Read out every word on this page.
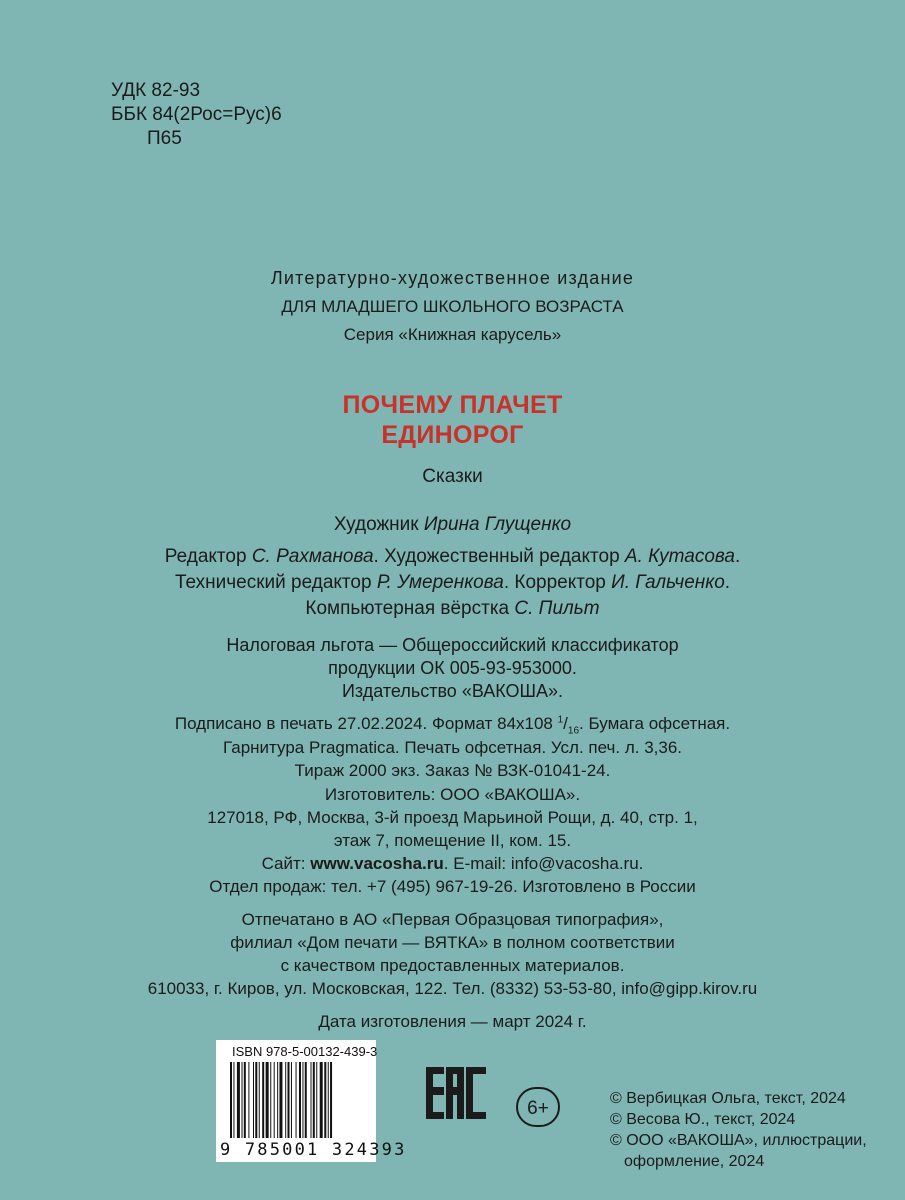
УДК 82-93
ББК 84(2Рос=Рус)6
П65
Литературно-художественное издание
ДЛЯ МЛАДШЕГО ШКОЛЬНОГО ВОЗРАСТА
Серия «Книжная карусель»
ПОЧЕМУ ПЛАЧЕТ
ЕДИНОРОГ
Сказки
Художник Ирина Глущенко
Редактор С. Рахманова. Художественный редактор А. Кутасова.
Технический редактор Р. Умеренкова. Корректор И. Гальченко.
Компьютерная вёрстка С. Пильт
Налоговая льгота — Общероссийский классификатор
продукции ОК 005-93-953000.
Издательство «ВАКОША».
Подписано в печать 27.02.2024. Формат 84х108 $^1/_{16}$. Бумага офсетная.
Гарнитура Pragmatica. Печать офсетная. Усл. печ. л. 3,36.
Тираж 2000 экз. Заказ № ВЗК-01041-24.
Изготовитель: ООО «ВАКОША».
127018, РФ, Москва, 3-й проезд Марьиной Рощи, д. 40, стр. 1,
этаж 7, помещение II, ком. 15.
Сайт: www.vacosha.ru. E-mail: info@vacosha.ru.
Отдел продаж: тел. +7 (495) 967-19-26. Изготовлено в России
Отпечатано в АО «Первая Образцовая типография»,
филиал «Дом печати — ВЯТКА» в полном соответствии
с качеством предоставленных материалов.
610033, г. Киров, ул. Московская, 122. Тел. (8332) 53-53-80, info@gipp.kirov.ru
Дата изготовления — март 2024 г.
ISBN 978-5-00132-439-3
9 785001 324393
6+	© Вербицкая Ольга, текст, 2024
© Весова Ю., текст, 2024
© ООО «ВАКОША», иллюстрации,
оформление, 2024
